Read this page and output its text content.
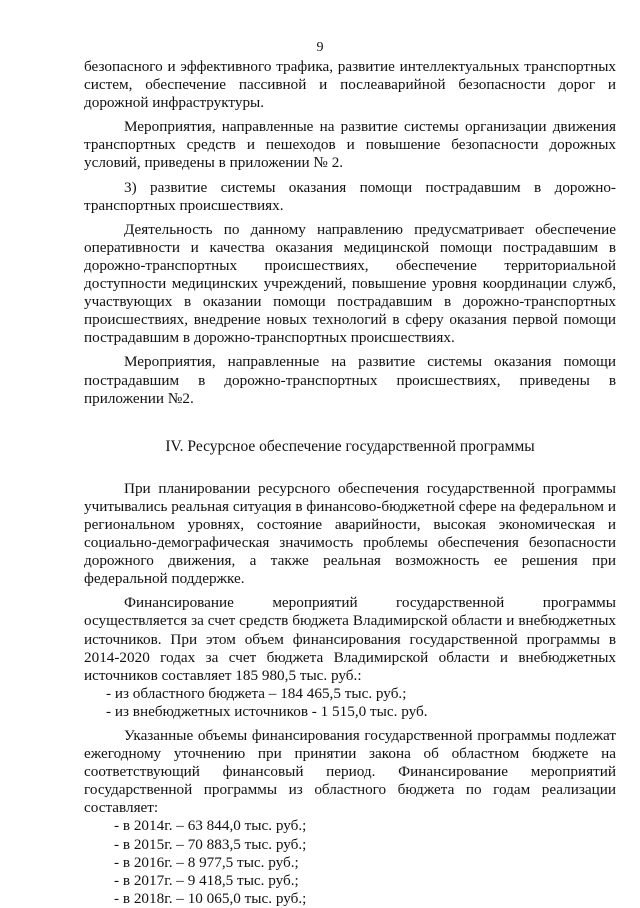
9

безопасного и эффективного трафика, развитие интеллектуальных транспортных систем, обеспечение пассивной и послеаварийной безопасности дорог и дорожной инфраструктуры.

Мероприятия, направленные на развитие системы организации движения транспортных средств и пешеходов и повышение безопасности дорожных условий, приведены в приложении № 2.

3) развитие системы оказания помощи пострадавшим в дорожно-транспортных происшествиях.

Деятельность по данному направлению предусматривает обеспечение оперативности и качества оказания медицинской помощи пострадавшим в дорожно-транспортных происшествиях, обеспечение территориальной доступности медицинских учреждений, повышение уровня координации служб, участвующих в оказании помощи пострадавшим в дорожно-транспортных происшествиях, внедрение новых технологий в сферу оказания первой помощи пострадавшим в дорожно-транспортных происшествиях.

Мероприятия, направленные на развитие системы оказания помощи пострадавшим в дорожно-транспортных происшествиях, приведены в приложении №2.

IV. Ресурсное обеспечение государственной программы

При планировании ресурсного обеспечения государственной программы учитывались реальная ситуация в финансово-бюджетной сфере на федеральном и региональном уровнях, состояние аварийности, высокая экономическая и социально-демографическая значимость проблемы обеспечения безопасности дорожного движения, а также реальная возможность ее решения при федеральной поддержке.

Финансирование мероприятий государственной программы осуществляется за счет средств бюджета Владимирской области и внебюджетных источников. При этом объем финансирования государственной программы в 2014-2020 годах за счет бюджета Владимирской области и внебюджетных источников составляет 185 980,5 тыс. руб.:

- из областного бюджета – 184 465,5 тыс. руб.;
- из внебюджетных источников - 1 515,0 тыс. руб.

Указанные объемы финансирования государственной программы подлежат ежегодному уточнению при принятии закона об областном бюджете на соответствующий финансовый период. Финансирование мероприятий государственной программы из областного бюджета по годам реализации составляет:

- в 2014г. – 63 844,0 тыс. руб.;
- в 2015г. – 70 883,5 тыс. руб.;
- в 2016г. – 8 977,5 тыс. руб.;
- в 2017г. – 9 418,5 тыс. руб.;
- в 2018г. – 10 065,0 тыс. руб.;
